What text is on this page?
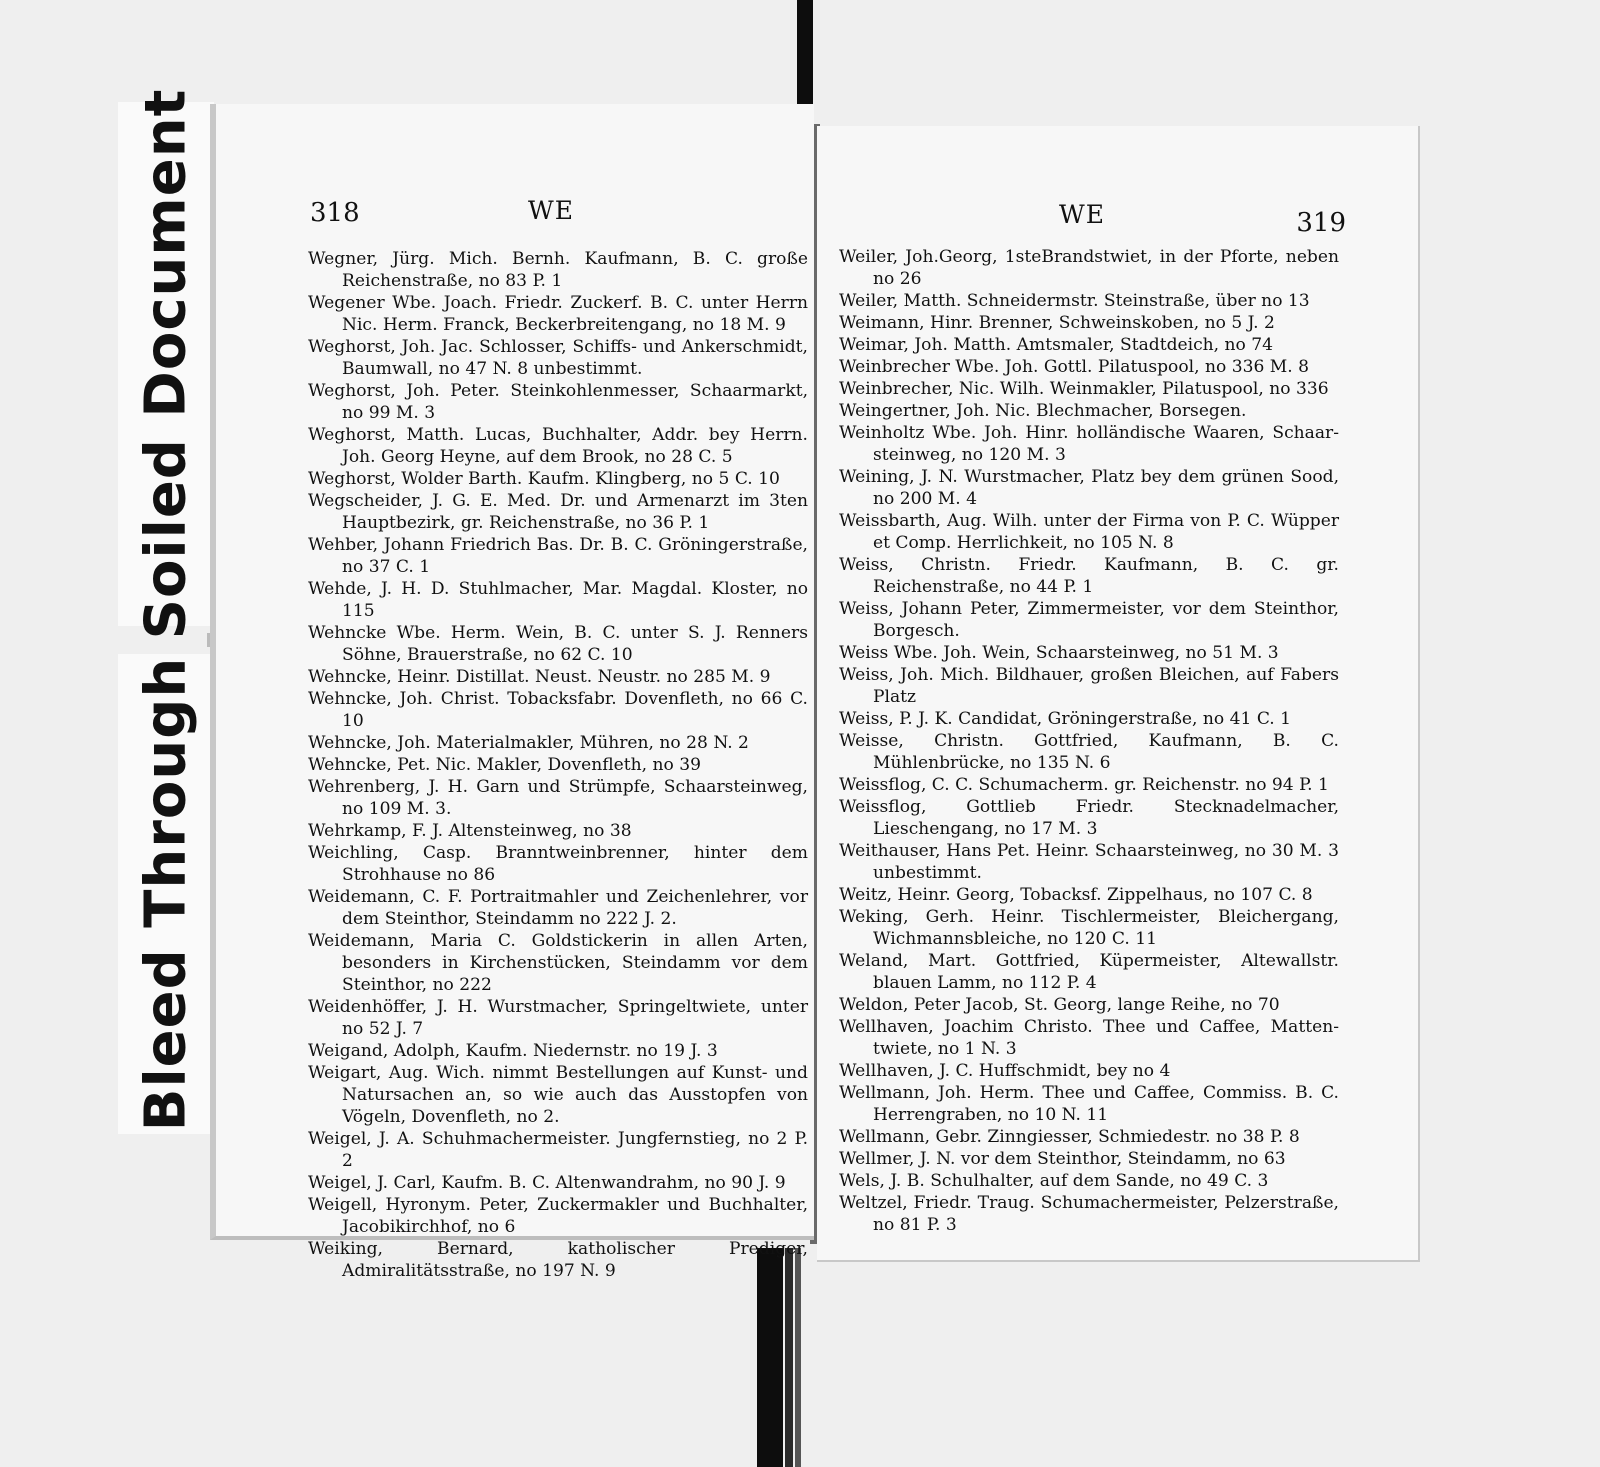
Soiled Document
Bleed Through
318	WE

Wegner, Jürg. Mich. Bernh. Kaufmann, B. C. große Reichenstraße, no 83 P. 1

Wegener Wbe. Joach. Friedr. Zuckerf. B. C. unter Herrn Nic. Herm. Franck, Beckerbreitengang, no 18 M. 9

Weghorst, Joh. Jac. Schlosser, Schiffs- und Ankerschmidt, Baumwall, no 47 N. 8 unbestimmt.

Weghorst, Joh. Peter. Steinkohlenmesser, Schaarmarkt, no 99 M. 3

Weghorst, Matth. Lucas, Buchhalter, Addr. bey Herrn. Joh. Georg Heyne, auf dem Brook, no 28 C. 5

Weghorst, Wolder Barth. Kaufm. Klingberg, no 5 C. 10

Wegscheider, J. G. E. Med. Dr. und Armenarzt im 3ten Hauptbezirk, gr. Reichenstraße, no 36 P. 1

Wehber, Johann Friedrich Bas. Dr. B. C. Gröningerstraße, no 37 C. 1

Wehde, J. H. D. Stuhlmacher, Mar. Magdal. Kloster, no 115

Wehncke Wbe. Herm. Wein, B. C. unter S. J. Renners Söhne, Brauerstraße, no 62 C. 10

Wehncke, Heinr. Distillat. Neust. Neustr. no 285 M. 9

Wehncke, Joh. Christ. Tobacksfabr. Dovenfleth, no 66 C. 10

Wehncke, Joh. Materialmakler, Mühren, no 28 N. 2

Wehncke, Pet. Nic. Makler, Dovenfleth, no 39

Wehrenberg, J. H. Garn und Strümpfe, Schaarsteinweg, no 109 M. 3.

Wehrkamp, F. J. Altensteinweg, no 38

Weichling, Casp. Branntweinbrenner, hinter dem Strohhause no 86

Weidemann, C. F. Portraitmahler und Zeichenlehrer, vor dem Steinthor, Steindamm no 222 J. 2.

Weidemann, Maria C. Goldstickerin in allen Arten, besonders in Kirchenstücken, Steindamm vor dem Steinthor, no 222

Weidenhöffer, J. H. Wurstmacher, Springeltwiete, unter no 52 J. 7

Weigand, Adolph, Kaufm. Niedernstr. no 19 J. 3

Weigart, Aug. Wich. nimmt Bestellungen auf Kunst- und Natursachen an, so wie auch das Ausstopfen von Vögeln, Dovenfleth, no 2.

Weigel, J. A. Schuhmachermeister. Jungfernstieg, no 2 P. 2

Weigel, J. Carl, Kaufm. B. C. Altenwandrahm, no 90 J. 9

Weigell, Hyronym. Peter, Zuckermakler und Buchhalter, Jacobikirchhof, no 6

Weiking, Bernard, katholischer Prediger, Admiralitätsstraße, no 197 N. 9

WE	319

Weiler, Joh.Georg, 1steBrandstwiet, in der Pforte, neben no 26

Weiler, Matth. Schneidermstr. Steinstraße, über no 13

Weimann, Hinr. Brenner, Schweinskoben, no 5 J. 2

Weimar, Joh. Matth. Amtsmaler, Stadtdeich, no 74

Weinbrecher Wbe. Joh. Gottl. Pilatuspool, no 336 M. 8

Weinbrecher, Nic. Wilh. Weinmakler, Pilatuspool, no 336

Weingertner, Joh. Nic. Blechmacher, Borsegen.

Weinholtz Wbe. Joh. Hinr. holländische Waaren, Schaarsteinweg, no 120 M. 3

Weining, J. N. Wurstmacher, Platz bey dem grünen Sood, no 200 M. 4

Weissbarth, Aug. Wilh. unter der Firma von P. C. Wüpper et Comp. Herrlichkeit, no 105 N. 8

Weiss, Christn. Friedr. Kaufmann, B. C. gr. Reichenstraße, no 44 P. 1

Weiss, Johann Peter, Zimmermeister, vor dem Steinthor, Borgesch.

Weiss Wbe. Joh. Wein, Schaarsteinweg, no 51 M. 3

Weiss, Joh. Mich. Bildhauer, großen Bleichen, auf Fabers Platz

Weiss, P. J. K. Candidat, Gröningerstraße, no 41 C. 1

Weisse, Christn. Gottfried, Kaufmann, B. C. Mühlenbrücke, no 135 N. 6

Weissflog, C. C. Schumacherm. gr. Reichenstr. no 94 P. 1

Weissflog, Gottlieb Friedr. Stecknadelmacher, Lieschengang, no 17 M. 3

Weithauser, Hans Pet. Heinr. Schaarsteinweg, no 30 M. 3 unbestimmt.

Weitz, Heinr. Georg, Tobacksf. Zippelhaus, no 107 C. 8

Weking, Gerh. Heinr. Tischlermeister, Bleichergang, Wichmannsbleiche, no 120 C. 11

Weland, Mart. Gottfried, Küpermeister, Altewallstr. blauen Lamm, no 112 P. 4

Weldon, Peter Jacob, St. Georg, lange Reihe, no 70

Wellhaven, Joachim Christo. Thee und Caffee, Mattentwiete, no 1 N. 3

Wellhaven, J. C. Huffschmidt, bey no 4

Wellmann, Joh. Herm. Thee und Caffee, Commiss. B. C. Herrengraben, no 10 N. 11

Wellmann, Gebr. Zinngiesser, Schmiedestr. no 38 P. 8

Wellmer, J. N. vor dem Steinthor, Steindamm, no 63

Wels, J. B. Schulhalter, auf dem Sande, no 49 C. 3

Weltzel, Friedr. Traug. Schumachermeister, Pelzerstraße, no 81 P. 3
